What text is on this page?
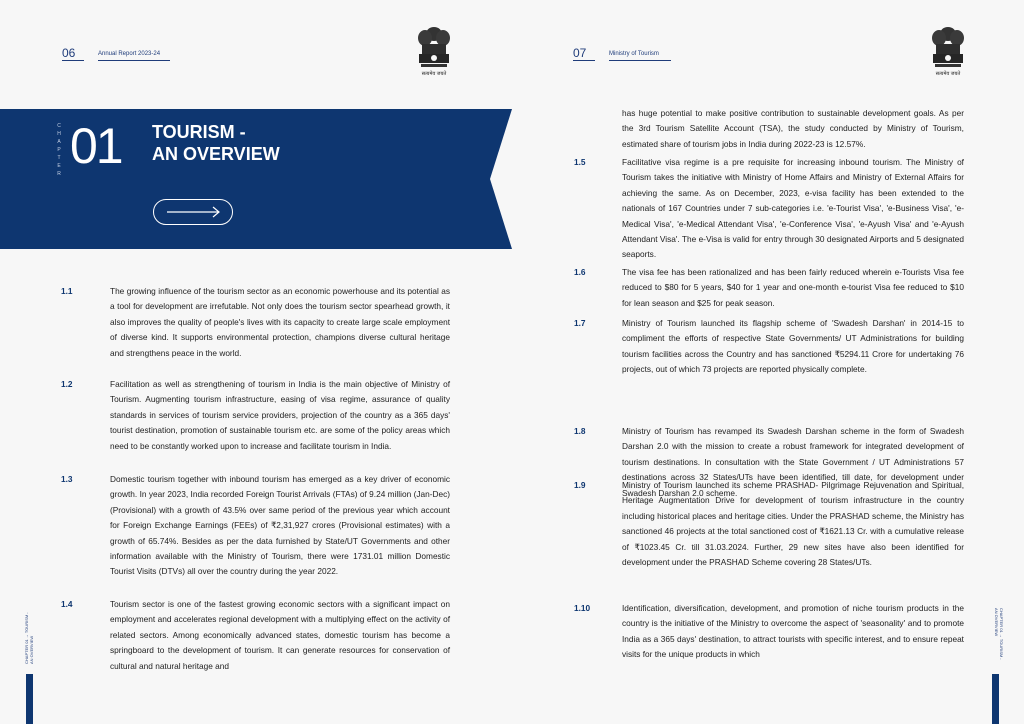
06	Annual Report 2023-24
सत्यमेव जयते
C
H
A
P
T
E
R 01 TOURISM -
AN OVERVIEW
1.1	The growing influence of the tourism sector as an economic powerhouse and its potential as a tool for development are irrefutable. Not only does the tourism sector spearhead growth, it also improves the quality of people's lives with its capacity to create large scale employment of diverse kind. It supports environmental protection, champions diverse cultural heritage and strengthens peace in the world.
1.2	Facilitation as well as strengthening of tourism in India is the main objective of Ministry of Tourism. Augmenting tourism infrastructure, easing of visa regime, assurance of quality standards in services of tourism service providers, projection of the country as a 365 days' tourist destination, promotion of sustainable tourism etc. are some of the policy areas which need to be constantly worked upon to increase and facilitate tourism in India.
1.3	Domestic tourism together with inbound tourism has emerged as a key driver of economic growth. In year 2023, India recorded Foreign Tourist Arrivals (FTAs) of 9.24 million (Jan-Dec) (Provisional) with a growth of 43.5% over same period of the previous year which account for Foreign Exchange Earnings (FEEs) of ₹2,31,927 crores (Provisional estimates) with a growth of 65.74%. Besides as per the data furnished by State/UT Governments and other information available with the Ministry of Tourism, there were 1731.01 million Domestic Tourist Visits (DTVs) all over the country during the year 2022.
1.4	Tourism sector is one of the fastest growing economic sectors with a significant impact on employment and accelerates regional development with a multiplying effect on the activity of related sectors. Among economically advanced states, domestic tourism has become a springboard to the development of tourism. It can generate resources for conservation of cultural and natural heritage and
CHAPTER 01 → TOURISM - AN OVERVIEW
07	Ministry of Tourism
सत्यमेव जयते
has huge potential to make positive contribution to sustainable development goals. As per the 3rd Tourism Satellite Account (TSA), the study conducted by Ministry of Tourism, estimated share of tourism jobs in India during 2022-23 is 12.57%.
1.5	Facilitative visa regime is a pre requisite for increasing inbound tourism. The Ministry of Tourism takes the initiative with Ministry of Home Affairs and Ministry of External Affairs for achieving the same. As on December, 2023, e-visa facility has been extended to the nationals of 167 Countries under 7 sub-categories i.e. 'e-Tourist Visa', 'e-Business Visa', 'e-Medical Visa', 'e-Medical Attendant Visa', 'e-Conference Visa', 'e-Ayush Visa' and 'e-Ayush Attendant Visa'. The e-Visa is valid for entry through 30 designated Airports and 5 designated seaports.
1.6	The visa fee has been rationalized and has been fairly reduced wherein e-Tourists Visa fee reduced to $80 for 5 years, $40 for 1 year and one-month e-tourist Visa fee reduced to $10 for lean season and $25 for peak season.
1.7	Ministry of Tourism launched its flagship scheme of 'Swadesh Darshan' in 2014-15 to compliment the efforts of respective State Governments/ UT Administrations for building tourism facilities across the Country and has sanctioned ₹5294.11 Crore for undertaking 76 projects, out of which 73 projects are reported physically complete.
1.8	Ministry of Tourism has revamped its Swadesh Darshan scheme in the form of Swadesh Darshan 2.0 with the mission to create a robust framework for integrated development of tourism destinations. In consultation with the State Government / UT Administrations 57 destinations across 32 States/UTs have been identified, till date, for development under Swadesh Darshan 2.0 scheme.
1.9	Ministry of Tourism launched its scheme PRASHAD- Pilgrimage Rejuvenation and Spiritual, Heritage Augmentation Drive for development of tourism infrastructure in the country including historical places and heritage cities. Under the PRASHAD scheme, the Ministry has sanctioned 46 projects at the total sanctioned cost of ₹1621.13 Cr. with a cumulative release of ₹1023.45 Cr. till 31.03.2024. Further, 29 new sites have also been identified for development under the PRASHAD Scheme covering 28 States/UTs.
1.10	Identification, diversification, development, and promotion of niche tourism products in the country is the initiative of the Ministry to overcome the aspect of 'seasonality' and to promote India as a 365 days' destination, to attract tourists with specific interest, and to ensure repeat visits for the unique products in which	CHAPTER 01 → TOURISM - AN OVERVIEW
